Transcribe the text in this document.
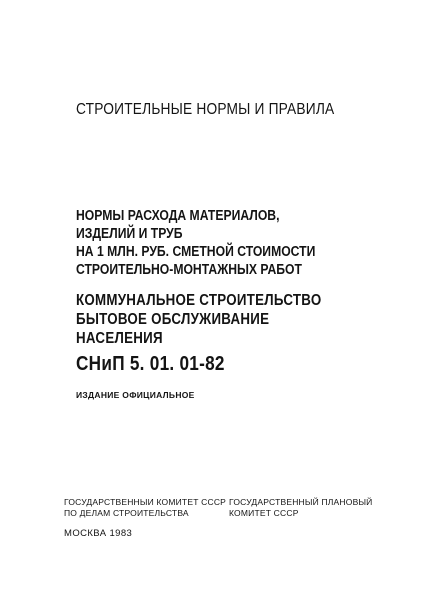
СТРОИТЕЛЬНЫЕ НОРМЫ И ПРАВИЛА
НОРМЫ РАСХОДА МАТЕРИАЛОВ,
ИЗДЕЛИЙ И ТРУБ
НА 1 МЛН. РУБ. СМЕТНОЙ СТОИМОСТИ
СТРОИТЕЛЬНО-МОНТАЖНЫХ РАБОТ
КОММУНАЛЬНОЕ СТРОИТЕЛЬСТВО
БЫТОВОЕ ОБСЛУЖИВАНИЕ
НАСЕЛЕНИЯ
СНиП 5. 01. 01-82
ИЗДАНИЕ ОФИЦИАЛЬНОЕ
ГОСУДАРСТВЕННЫИ КОМИТЕТ СССР
ПО ДЕЛАМ СТРОИТЕЛЬСТВА
ГОСУДАРСТВЕННЫЙ ПЛАНОВЫЙ
КОМИТЕТ СССР
МОСКВА 1983
